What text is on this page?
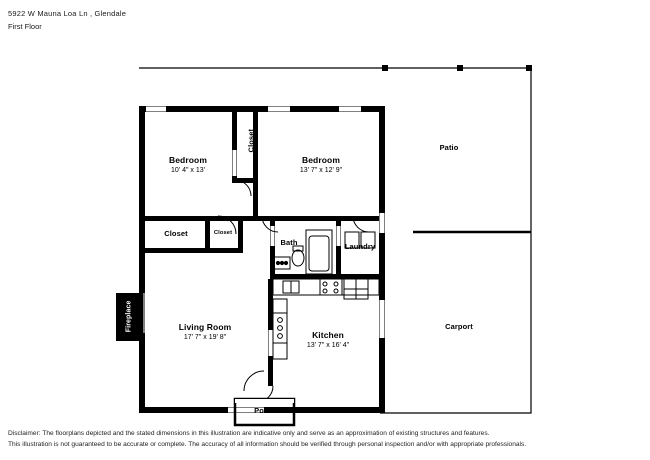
5922 W Mauna Loa Ln , Glendale
First Floor
Bedroom
10' 4" x 13'
Bedroom
13' 7" x 12' 9"
Patio
Closet
Closet	Closet
Bath	Laundry
Living Room
17' 7" x 19' 8"	Kitchen
13' 7" x 16' 4"
Carport
Fireplace
Porch
Disclaimer: The floorplans depicted and the stated dimensions in this illustration are indicative only and serve as an approximation of existing structures and features.
This illustration is not guaranteed to be accurate or complete. The accuracy of all information should be verified through personal inspection and/or with appropriate professionals.
